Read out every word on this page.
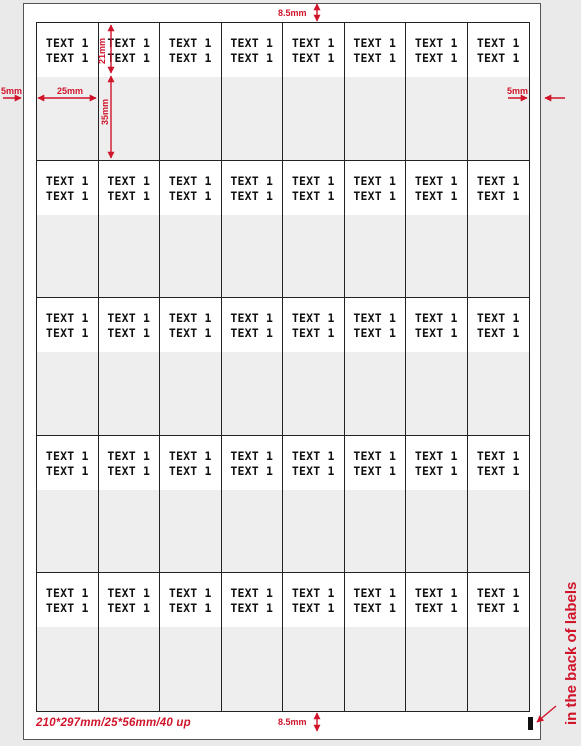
TEXT 1
TEXT 1
TEXT 1
TEXT 1
TEXT 1
TEXT 1
TEXT 1
TEXT 1
TEXT 1
TEXT 1
TEXT 1
TEXT 1
TEXT 1
TEXT 1
TEXT 1
TEXT 1
TEXT 1
TEXT 1
TEXT 1
TEXT 1
TEXT 1
TEXT 1
TEXT 1
TEXT 1
TEXT 1
TEXT 1
TEXT 1
TEXT 1
TEXT 1
TEXT 1
TEXT 1
TEXT 1
TEXT 1
TEXT 1
TEXT 1
TEXT 1
TEXT 1
TEXT 1
TEXT 1
TEXT 1
TEXT 1
TEXT 1
TEXT 1
TEXT 1
TEXT 1
TEXT 1
TEXT 1
TEXT 1
TEXT 1
TEXT 1
TEXT 1
TEXT 1
TEXT 1
TEXT 1
TEXT 1
TEXT 1
TEXT 1
TEXT 1
TEXT 1
TEXT 1
TEXT 1
TEXT 1
TEXT 1
TEXT 1
TEXT 1
TEXT 1
TEXT 1
TEXT 1
TEXT 1
TEXT 1
TEXT 1
TEXT 1
TEXT 1
TEXT 1
TEXT 1
TEXT 1
TEXT 1
TEXT 1
TEXT 1
TEXT 1
8.5mm
8.5mm
5mm	5mm
25mm
21mm
35mm
210*297mm/25*56mm/40 up	in the back of labels
